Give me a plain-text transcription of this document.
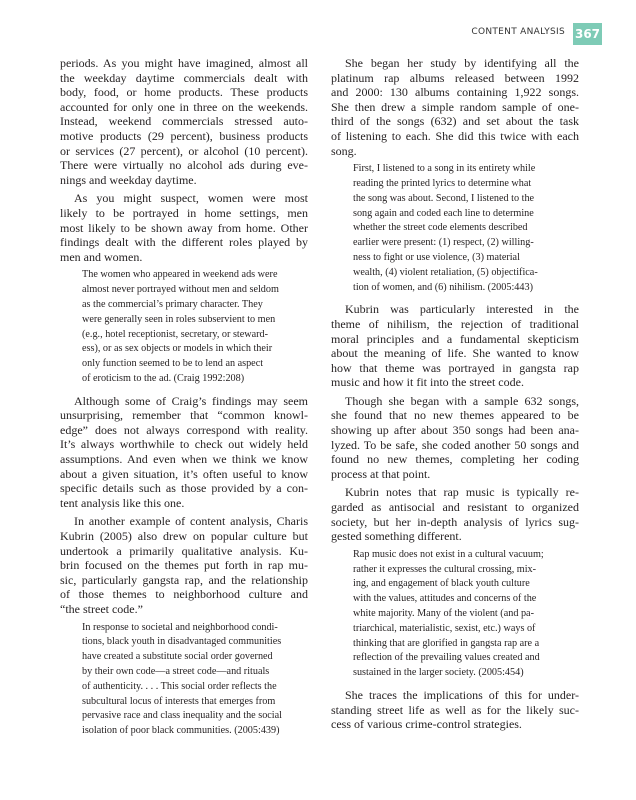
CONTENT ANALYSIS 367
periods. As you might have imagined, almost all
the weekday daytime commercials dealt with
body, food, or home products. These products
accounted for only one in three on the weekends.
Instead, weekend commercials stressed auto-
motive products (29 percent), business products
or services (27 percent), or alcohol (10 percent).
There were virtually no alcohol ads during eve-
nings and weekday daytime.
As you might suspect, women were most
likely to be portrayed in home settings, men
most likely to be shown away from home. Other
findings dealt with the different roles played by
men and women.
The women who appeared in weekend ads were
almost never portrayed without men and seldom
as the commercial’s primary character. They
were generally seen in roles subservient to men
(e.g., hotel receptionist, secretary, or steward-
ess), or as sex objects or models in which their
only function seemed to be to lend an aspect
of eroticism to the ad. (Craig 1992:208)
Although some of Craig’s findings may seem
unsurprising, remember that “common knowl-
edge” does not always correspond with reality.
It’s always worthwhile to check out widely held
assumptions. And even when we think we know
about a given situation, it’s often useful to know
specific details such as those provided by a con-
tent analysis like this one.
In another example of content analysis, Charis
Kubrin (2005) also drew on popular culture but
undertook a primarily qualitative analysis. Ku-
brin focused on the themes put forth in rap mu-
sic, particularly gangsta rap, and the relationship
of those themes to neighborhood culture and
“the street code.”
In response to societal and neighborhood condi-
tions, black youth in disadvantaged communities
have created a substitute social order governed
by their own code—a street code—and rituals
of authenticity. . . . This social order reflects the
subcultural locus of interests that emerges from
pervasive race and class inequality and the social
isolation of poor black communities. (2005:439)
She began her study by identifying all the
platinum rap albums released between 1992
and 2000: 130 albums containing 1,922 songs.
She then drew a simple random sample of one-
third of the songs (632) and set about the task
of listening to each. She did this twice with each
song.
First, I listened to a song in its entirety while
reading the printed lyrics to determine what
the song was about. Second, I listened to the
song again and coded each line to determine
whether the street code elements described
earlier were present: (1) respect, (2) willing-
ness to fight or use violence, (3) material
wealth, (4) violent retaliation, (5) objectifica-
tion of women, and (6) nihilism. (2005:443)
Kubrin was particularly interested in the
theme of nihilism, the rejection of traditional
moral principles and a fundamental skepticism
about the meaning of life. She wanted to know
how that theme was portrayed in gangsta rap
music and how it fit into the street code.
Though she began with a sample 632 songs,
she found that no new themes appeared to be
showing up after about 350 songs had been ana-
lyzed. To be safe, she coded another 50 songs and
found no new themes, completing her coding
process at that point.
Kubrin notes that rap music is typically re-
garded as antisocial and resistant to organized
society, but her in-depth analysis of lyrics sug-
gested something different.
Rap music does not exist in a cultural vacuum;
rather it expresses the cultural crossing, mix-
ing, and engagement of black youth culture
with the values, attitudes and concerns of the
white majority. Many of the violent (and pa-
triarchical, materialistic, sexist, etc.) ways of
thinking that are glorified in gangsta rap are a
reflection of the prevailing values created and
sustained in the larger society. (2005:454)
She traces the implications of this for under-
standing street life as well as for the likely suc-
cess of various crime-control strategies.
